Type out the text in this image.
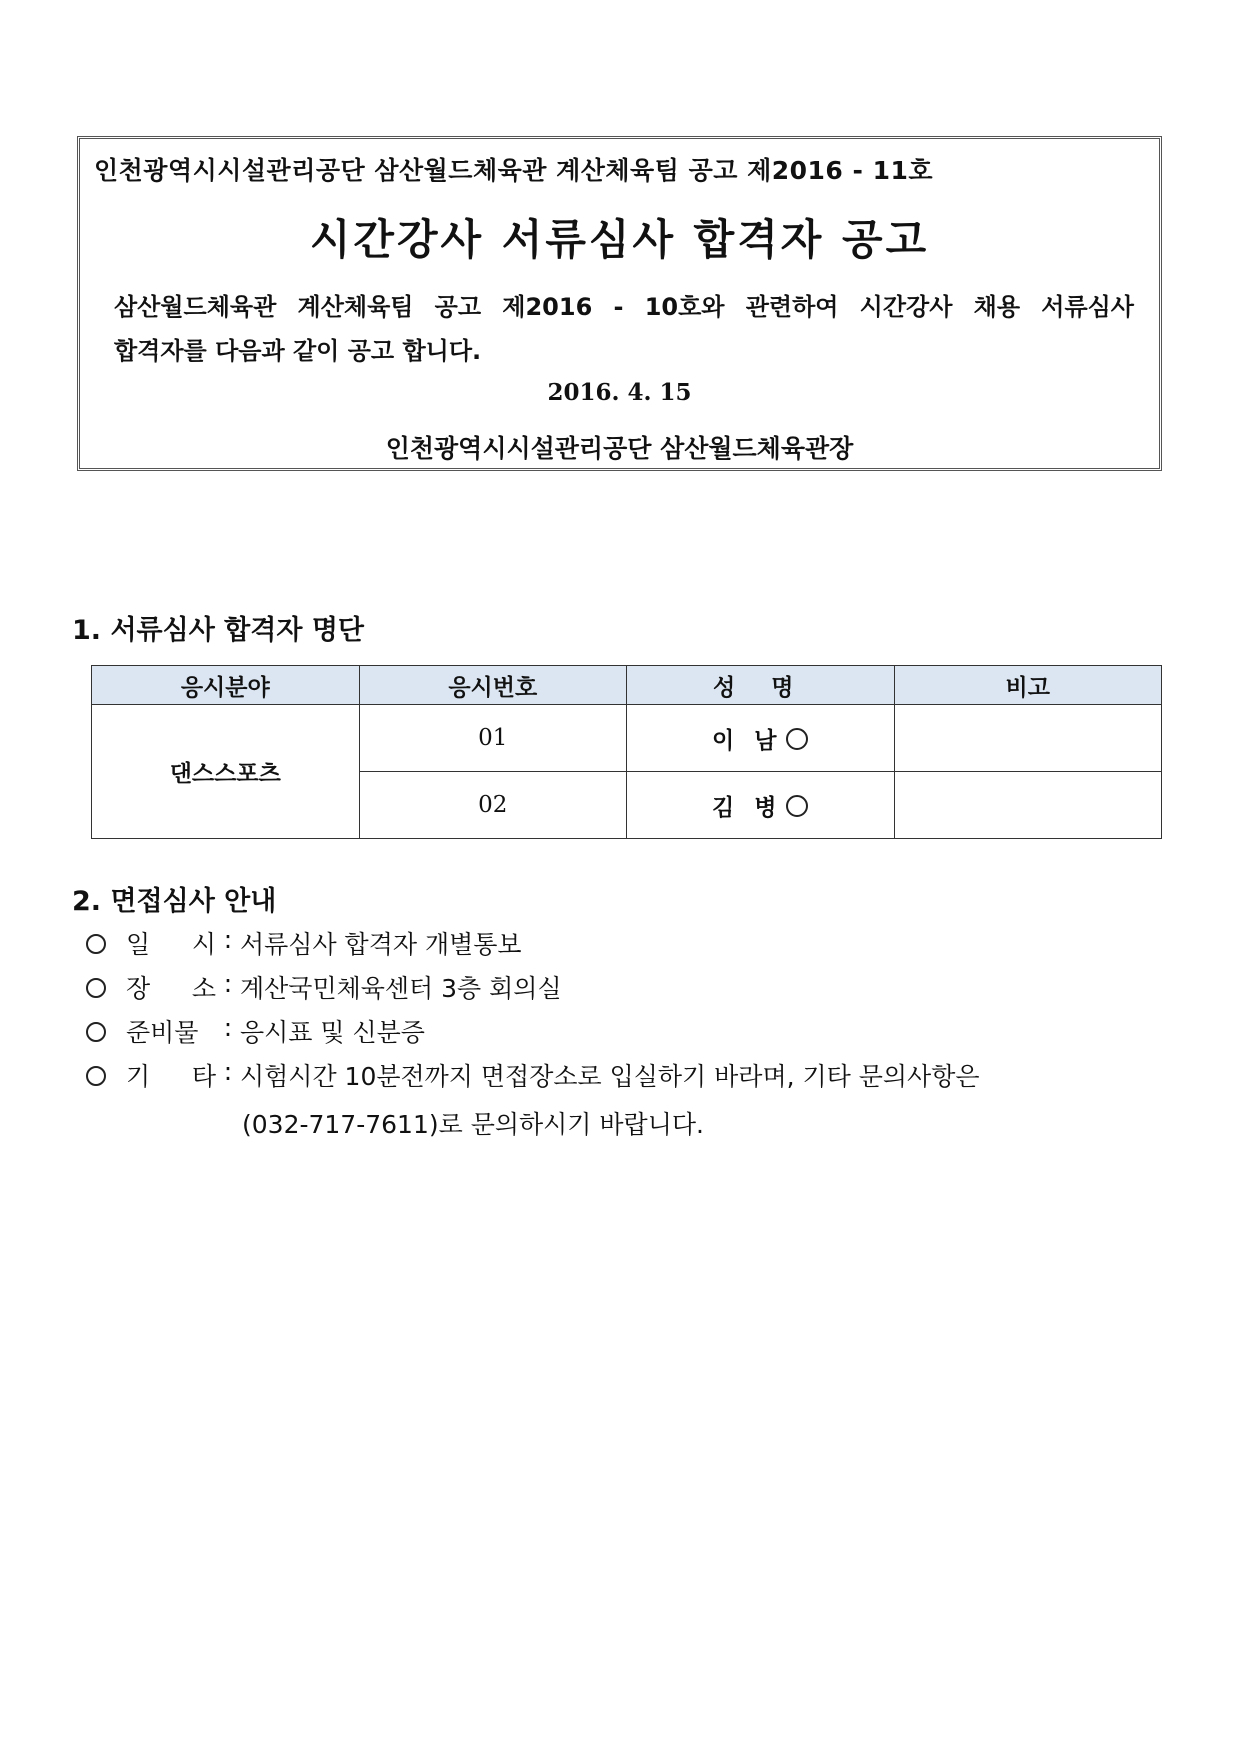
인천광역시시설관리공단 삼산월드체육관 계산체육팀 공고 제2016 - 11호
시간강사 서류심사 합격자 공고
삼산월드체육관 계산체육팀 공고 제2016 - 10호와 관련하여 시간강사 채용 서류심사
합격자를 다음과 같이 공고 합니다.
2016. 4. 15
인천광역시시설관리공단 삼산월드체육관장
1. 서류심사 합격자 명단
응시분야	응시번호	성 명	비고
댄스스포츠	01	이 남	
	02	김 병	
2. 면접심사 안내
일 시 : 서류심사 합격자 개별통보
장 소 : 계산국민체육센터 3층 회의실
준비물	: 응시표 및 신분증
기 타 : 시험시간 10분전까지 면접장소로 입실하기 바라며, 기타 문의사항은
(032-717-7611)로 문의하시기 바랍니다.
